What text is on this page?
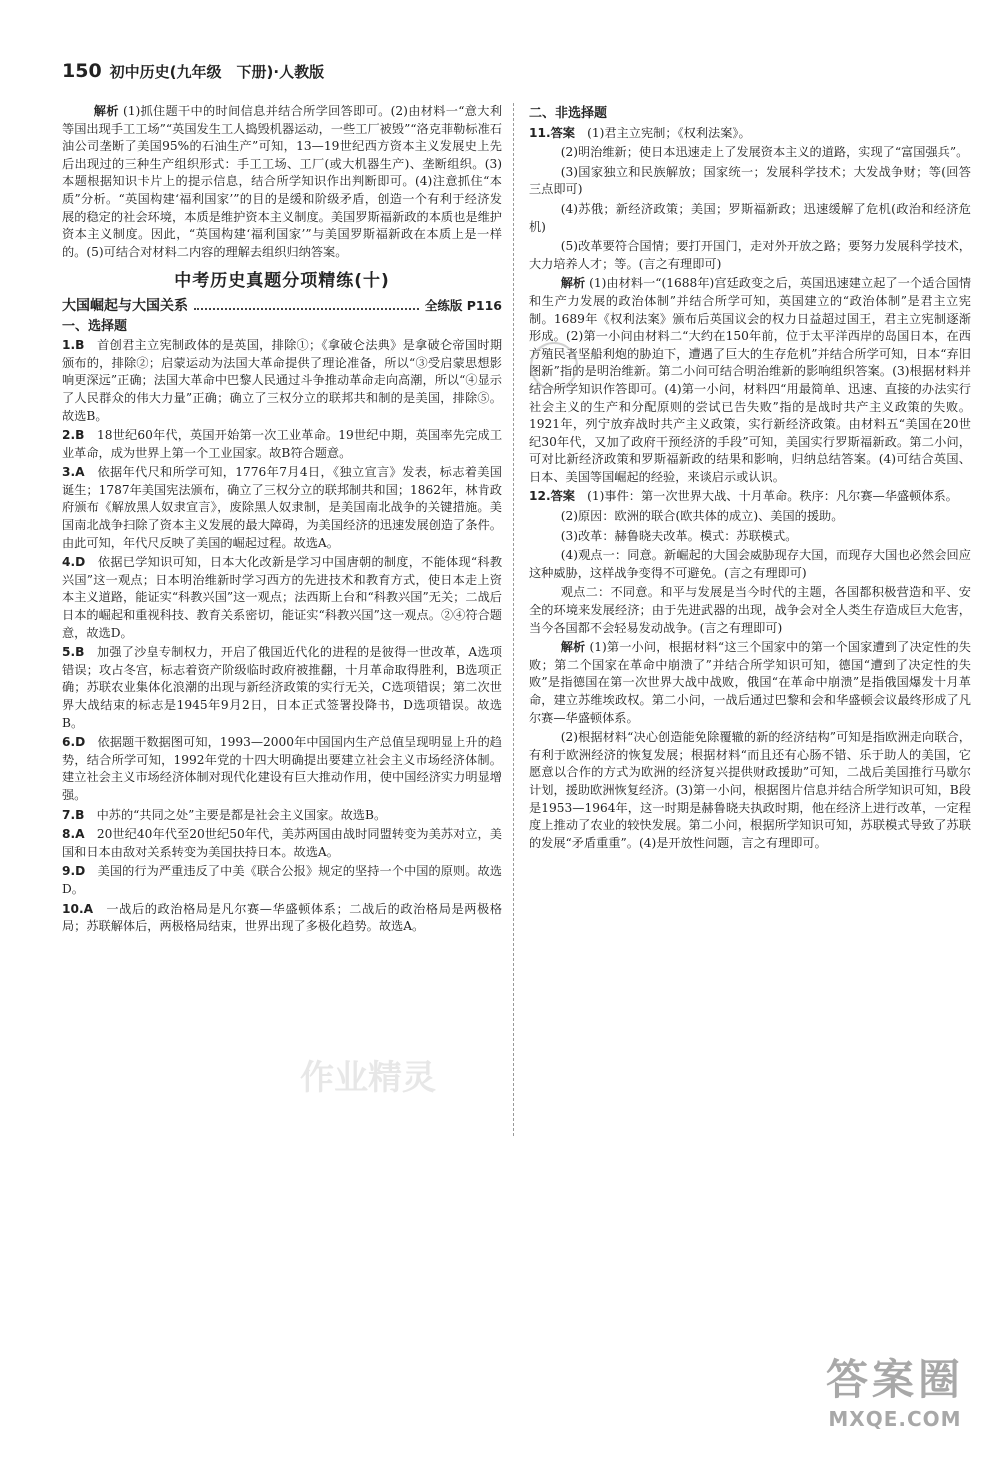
150 初中历史(九年级　下册)·人教版

解析 (1)抓住题干中的时间信息并结合所学回答即可。(2)由材料一“意大利等国出现手工工场”“英国发生工人捣毁机器运动，一些工厂被毁”“洛克菲勒标准石油公司垄断了美国95%的石油生产”可知，13—19世纪西方资本主义发展史上先后出现过的三种生产组织形式：手工工场、工厂(或大机器生产)、垄断组织。(3)本题根据知识卡片上的提示信息，结合所学知识作出判断即可。(4)注意抓住“本质”分析。“英国构建‘福利国家’”的目的是缓和阶级矛盾，创造一个有利于经济发展的稳定的社会环境，本质是维护资本主义制度。美国罗斯福新政的本质也是维护资本主义制度。因此，“英国构建‘福利国家’”与美国罗斯福新政在本质上是一样的。(5)可结合对材料二内容的理解去组织归纳答案。

中考历史真题分项精练(十)
大国崛起与大国关系	全练版 P116
一、选择题

1.B　 首创君主立宪制政体的是英国，排除①；《拿破仑法典》是拿破仑帝国时期颁布的，排除②；启蒙运动为法国大革命提供了理论准备，所以“③受启蒙思想影响更深远”正确；法国大革命中巴黎人民通过斗争推动革命走向高潮，所以“④显示了人民群众的伟大力量”正确；确立了三权分立的联邦共和制的是美国，排除⑤。故选B。

2.B　 18世纪60年代，英国开始第一次工业革命。19世纪中期，英国率先完成工业革命，成为世界上第一个工业国家。故B符合题意。

3.A　 依据年代尺和所学可知，1776年7月4日，《独立宣言》发表，标志着美国诞生；1787年美国宪法颁布，确立了三权分立的联邦制共和国；1862年，林肯政府颁布《解放黑人奴隶宣言》，废除黑人奴隶制，是美国南北战争的关键措施。美国南北战争扫除了资本主义发展的最大障碍，为美国经济的迅速发展创造了条件。由此可知，年代尺反映了美国的崛起过程。故选A。

4.D　 依据已学知识可知，日本大化改新是学习中国唐朝的制度，不能体现“科教兴国”这一观点；日本明治维新时学习西方的先进技术和教育方式，使日本走上资本主义道路，能证实“科教兴国”这一观点；法西斯上台和“科教兴国”无关；二战后日本的崛起和重视科技、教育关系密切，能证实“科教兴国”这一观点。②④符合题意，故选D。

5.B　 加强了沙皇专制权力，开启了俄国近代化的进程的是彼得一世改革，A选项错误；攻占冬宫，标志着资产阶级临时政府被推翻，十月革命取得胜利，B选项正确；苏联农业集体化浪潮的出现与新经济政策的实行无关，C选项错误；第二次世界大战结束的标志是1945年9月2日，日本正式签署投降书，D选项错误。故选B。

6.D　 依据题干数据图可知，1993—2000年中国国内生产总值呈现明显上升的趋势，结合所学可知，1992年党的十四大明确提出要建立社会主义市场经济体制。建立社会主义市场经济体制对现代化建设有巨大推动作用，使中国经济实力明显增强。

7.B　 中苏的“共同之处”主要是都是社会主义国家。故选B。

8.A　 20世纪40年代至20世纪50年代，美苏两国由战时同盟转变为美苏对立，美国和日本由敌对关系转变为美国扶持日本。故选A。

9.D　 美国的行为严重违反了中美《联合公报》规定的坚持一个中国的原则。故选D。

10.A　 一战后的政治格局是凡尔赛—华盛顿体系；二战后的政治格局是两极格局；苏联解体后，两极格局结束，世界出现了多极化趋势。故选A。

二、非选择题

11.答案　 (1)君主立宪制；《权利法案》。

(2)明治维新；使日本迅速走上了发展资本主义的道路，实现了“富国强兵”。

(3)国家独立和民族解放；国家统一；发展科学技术；大发战争财；等(回答三点即可)

(4)苏俄；新经济政策；美国；罗斯福新政；迅速缓解了危机(政治和经济危机)

(5)改革要符合国情；要打开国门，走对外开放之路；要努力发展科学技术，大力培养人才；等。(言之有理即可)

解析 (1)由材料一“(1688年)宫廷政变之后，英国迅速建立起了一个适合国情和生产力发展的政治体制”并结合所学可知，英国建立的“政治体制”是君主立宪制。1689年《权利法案》颁布后英国议会的权力日益超过国王，君主立宪制逐渐形成。(2)第一小问由材料二“大约在150年前，位于太平洋西岸的岛国日本，在西方殖民者坚船利炮的胁迫下，遭遇了巨大的生存危机”并结合所学可知，日本“弃旧图新”指的是明治维新。第二小问可结合明治维新的影响组织答案。(3)根据材料并结合所学知识作答即可。(4)第一小问，材料四“用最简单、迅速、直接的办法实行社会主义的生产和分配原则的尝试已告失败”指的是战时共产主义政策的失败。1921年，列宁放弃战时共产主义政策，实行新经济政策。由材料五“美国在20世纪30年代，又加了政府干预经济的手段”可知，美国实行罗斯福新政。第二小问，可对比新经济政策和罗斯福新政的结果和影响，归纳总结答案。(4)可结合英国、日本、美国等国崛起的经验，来谈启示或认识。

12.答案　 (1)事件：第一次世界大战、十月革命。秩序：凡尔赛—华盛顿体系。

(2)原因：欧洲的联合(欧共体的成立)、美国的援助。

(3)改革：赫鲁晓夫改革。模式：苏联模式。

(4)观点一：同意。新崛起的大国会威胁现存大国，而现存大国也必然会回应这种威胁，这样战争变得不可避免。(言之有理即可)

观点二：不同意。和平与发展是当今时代的主题，各国都积极营造和平、安全的环境来发展经济；由于先进武器的出现，战争会对全人类生存造成巨大危害，当今各国都不会轻易发动战争。(言之有理即可)

解析 (1)第一小问，根据材料“这三个国家中的第一个国家遭到了决定性的失败；第二个国家在革命中崩溃了”并结合所学知识可知，德国“遭到了决定性的失败”是指德国在第一次世界大战中战败，俄国“在革命中崩溃”是指俄国爆发十月革命，建立苏维埃政权。第二小问，一战后通过巴黎和会和华盛顿会议最终形成了凡尔赛—华盛顿体系。

(2)根据材料“决心创造能免除覆辙的新的经济结构”可知是指欧洲走向联合，有利于欧洲经济的恢复发展；根据材料“而且还有心肠不错、乐于助人的美国，它愿意以合作的方式为欧洲的经济复兴提供财政援助”可知，二战后美国推行马歇尔计划，援助欧洲恢复经济。(3)第一小问，根据图片信息并结合所学知识可知，B段是1953—1964年，这一时期是赫鲁晓夫执政时期，他在经济上进行改革，一定程度上推动了农业的较快发展。第二小问，根据所学知识可知，苏联模式导致了苏联的发展“矛盾重重”。(4)是开放性问题，言之有理即可。

作业精灵
答案圈
MXQE.COM
